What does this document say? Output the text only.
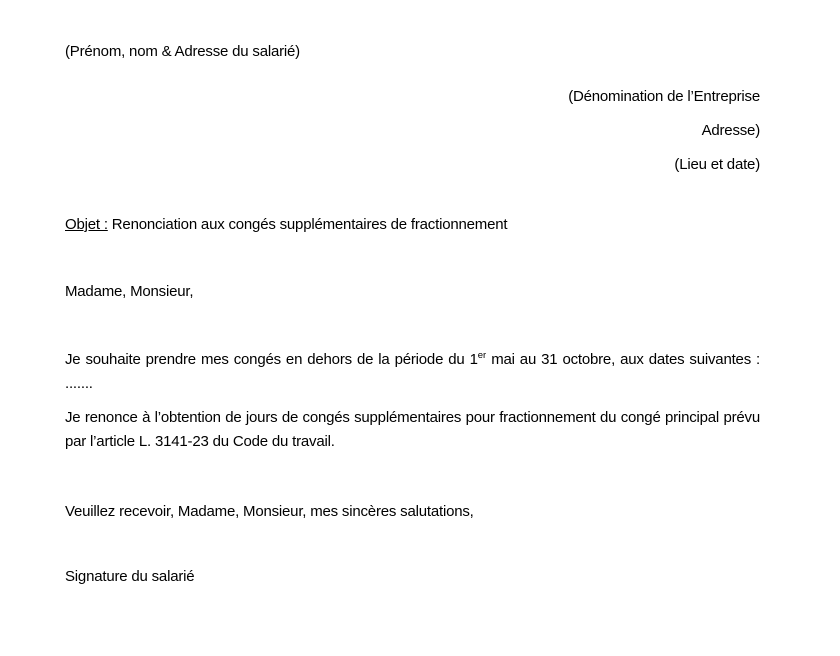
(Prénom, nom & Adresse du salarié)

(Dénomination de l’Entreprise
Adresse)
(Lieu et date)

Objet : Renonciation aux congés supplémentaires de fractionnement

Madame, Monsieur,

Je souhaite prendre mes congés en dehors de la période du 1er mai au 31 octobre, aux dates suivantes : .......

Je renonce à l’obtention de jours de congés supplémentaires pour fractionnement du congé principal prévu par l’article L. 3141-23 du Code du travail.

Veuillez recevoir, Madame, Monsieur, mes sincères salutations,

Signature du salarié
